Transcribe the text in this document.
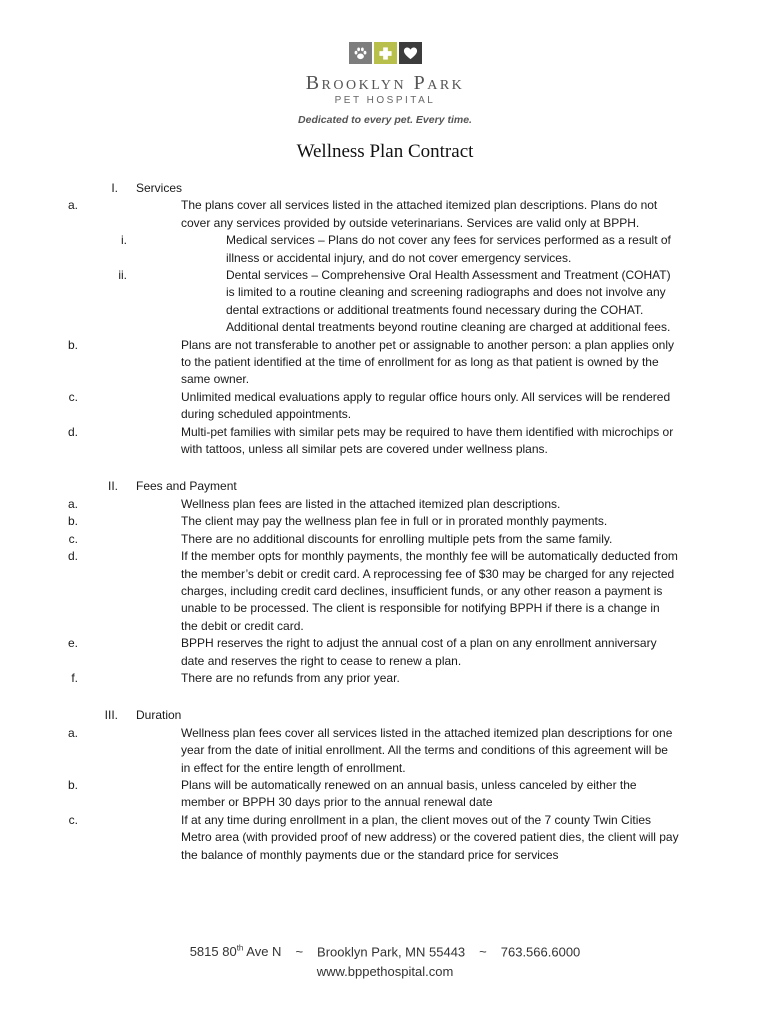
Brooklyn Park
PET HOSPITAL
Dedicated to every pet. Every time.
Wellness Plan Contract
I. Services
a.	The plans cover all services listed in the attached itemized plan descriptions. Plans do not cover any services provided by outside veterinarians. Services are valid only at BPPH.
i.	Medical services – Plans do not cover any fees for services performed as a result of illness or accidental injury, and do not cover emergency services.
ii.	Dental services – Comprehensive Oral Health Assessment and Treatment (COHAT) is limited to a routine cleaning and screening radiographs and does not involve any dental extractions or additional treatments found necessary during the COHAT. Additional dental treatments beyond routine cleaning are charged at additional fees.
b.	Plans are not transferable to another pet or assignable to another person: a plan applies only to the patient identified at the time of enrollment for as long as that patient is owned by the same owner.
c.	Unlimited medical evaluations apply to regular office hours only. All services will be rendered during scheduled appointments.
d.	Multi-pet families with similar pets may be required to have them identified with microchips or with tattoos, unless all similar pets are covered under wellness plans.
II. Fees and Payment
a.	Wellness plan fees are listed in the attached itemized plan descriptions.
b.	The client may pay the wellness plan fee in full or in prorated monthly payments.
c.	There are no additional discounts for enrolling multiple pets from the same family.
d.	If the member opts for monthly payments, the monthly fee will be automatically deducted from the member’s debit or credit card. A reprocessing fee of $30 may be charged for any rejected charges, including credit card declines, insufficient funds, or any other reason a payment is unable to be processed. The client is responsible for notifying BPPH if there is a change in the debit or credit card.
e.	BPPH reserves the right to adjust the annual cost of a plan on any enrollment anniversary date and reserves the right to cease to renew a plan.
f.	There are no refunds from any prior year.
III. Duration
a.	Wellness plan fees cover all services listed in the attached itemized plan descriptions for one year from the date of initial enrollment. All the terms and conditions of this agreement will be in effect for the entire length of enrollment.
b.	Plans will be automatically renewed on an annual basis, unless canceled by either the member or BPPH 30 days prior to the annual renewal date
c.	If at any time during enrollment in a plan, the client moves out of the 7 county Twin Cities Metro area (with provided proof of new address) or the covered patient dies, the client will pay the balance of monthly payments due or the standard price for services
5815 80th Ave N ~ Brooklyn Park, MN 55443 ~ 763.566.6000
www.bppethospital.com
